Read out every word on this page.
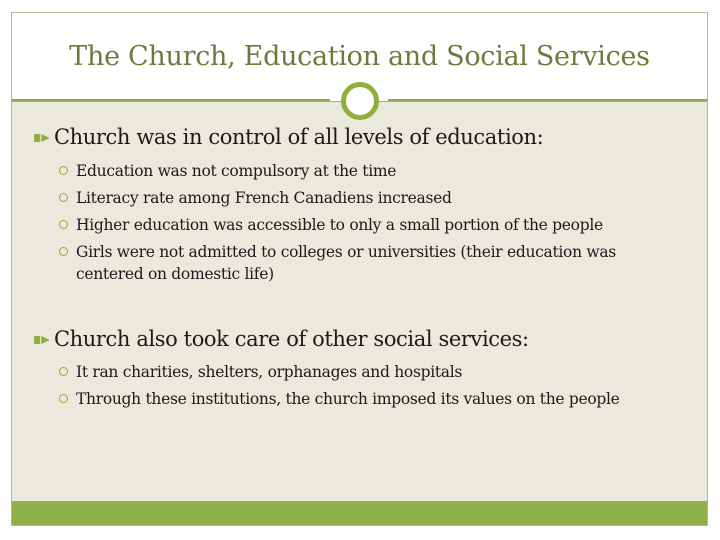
The Church, Education and Social Services
Church was in control of all levels of education:
Education was not compulsory at the time
Literacy rate among French Canadiens increased
Higher education was accessible to only a small portion of the people
Girls were not admitted to colleges or universities (their education was
centered on domestic life)
Church also took care of other social services:
It ran charities, shelters, orphanages and hospitals
Through these institutions, the church imposed its values on the people
